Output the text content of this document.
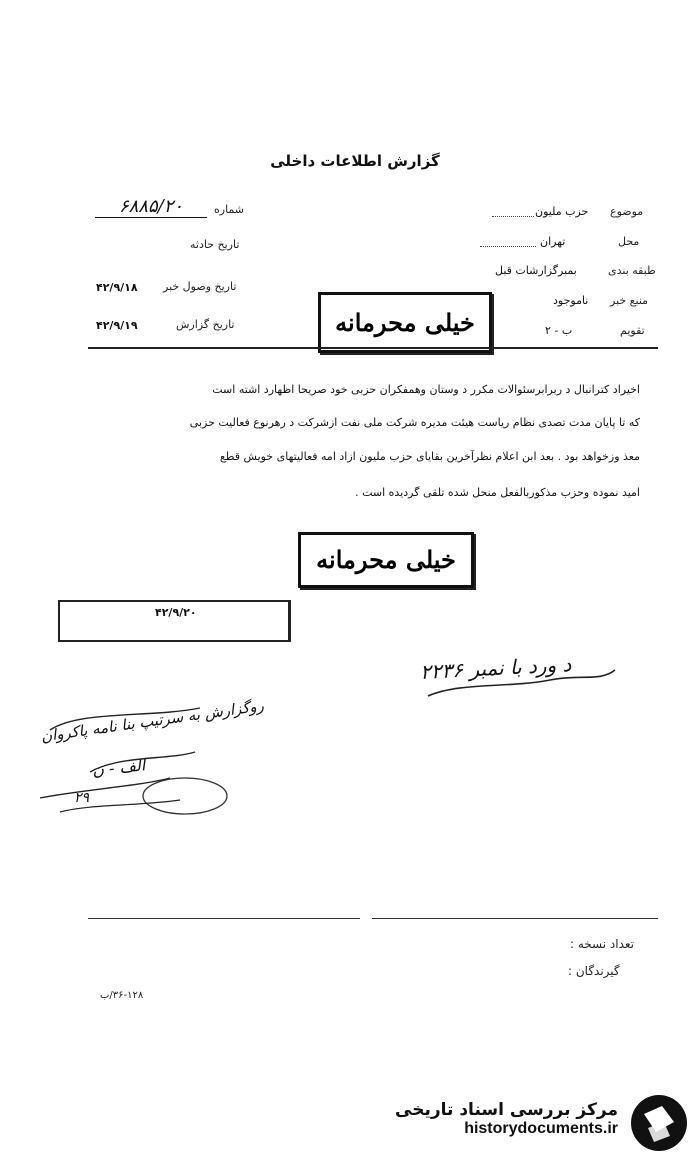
گزارش اطلاعات داخلی
شماره
۶۸۸۵/۲۰
تاریخ حادثه
تاریخ وصول خبر
۴۲/۹/۱۸
تاریخ گزارش
۴۲/۹/۱۹
موضوع
حزب ملیون
محل
تهران
طبقه بندی
بمبرگزارشات قبل
منبع خبر
ناموجود
تقویم
ب - ۲
خیلی محرمانه
اخیراد کترانبال د ربرابرسئوالات مکرر د وستان وهمفکران حزبی خود صریحا اظهارد اشته است
که تا پایان مدت تصدی نظام ریاست هیئت مدیره شرکت ملی نفت ازشرکت د رهرنوع فعالیت حزبی
معذ وزخواهد بود . بعد ابن اعلام نظرآخرین بقایای حزب ملیون ازاد امه فعالیتهای خویش قطع
امید نموده وحزب مذکوربالفعل منحل شده تلقی گردیده است .
خیلی محرمانه
۴۲/۹/۲۰
د ورد با نمبر ۲۲۳۶
روگزارش به سرتیپ بنا نامه پاکروان
الف - ن
۲۹
تعداد نسخه :
گیرندگان :
۳۶-۱۲۸/ب
مرکز بررسی اسناد تاریخی
historydocuments.ir
